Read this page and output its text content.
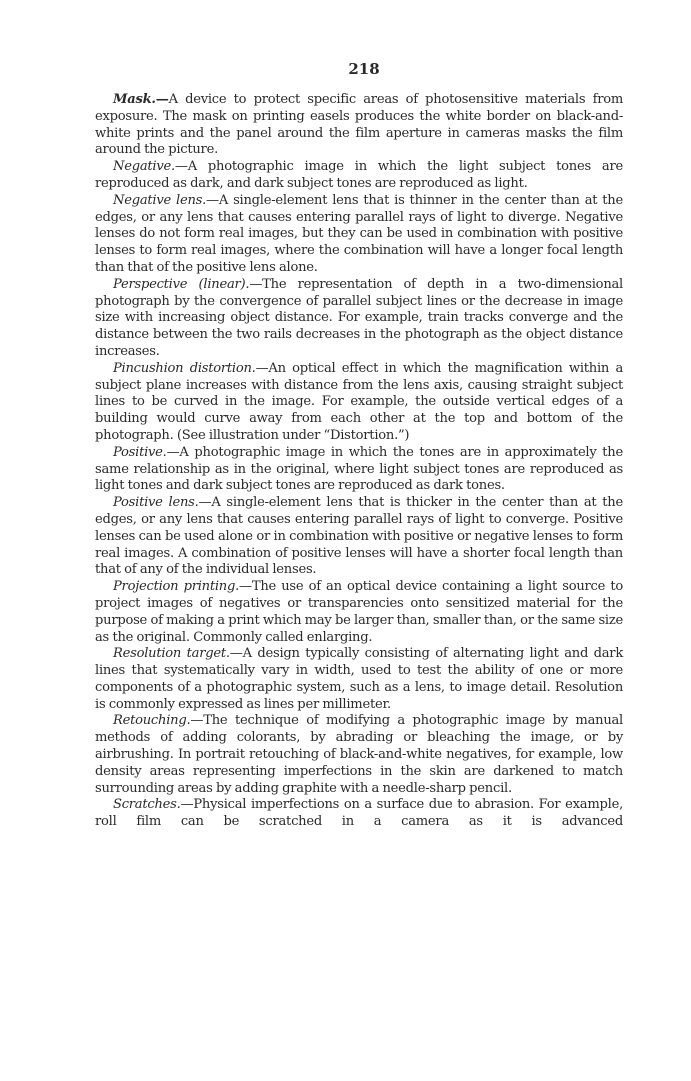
218

Mask.—A device to protect specific areas of photosensitive materials from exposure. The mask on printing easels produces the white border on black-and-white prints and the panel around the film aperture in cameras masks the film around the picture.

Negative.—A photographic image in which the light subject tones are reproduced as dark, and dark subject tones are reproduced as light.

Negative lens.—A single-element lens that is thinner in the center than at the edges, or any lens that causes entering parallel rays of light to diverge. Negative lenses do not form real images, but they can be used in combination with positive lenses to form real images, where the combination will have a longer focal length than that of the positive lens alone.

Perspective (linear).—The representation of depth in a two-dimensional photograph by the convergence of parallel subject lines or the decrease in image size with increasing object distance. For example, train tracks converge and the distance between the two rails decreases in the photograph as the object distance increases.

Pincushion distortion.—An optical effect in which the magnification within a subject plane increases with distance from the lens axis, causing straight subject lines to be curved in the image. For example, the outside vertical edges of a building would curve away from each other at the top and bottom of the photograph. (See illustration under “Distortion.”)

Positive.—A photographic image in which the tones are in approximately the same relationship as in the original, where light subject tones are reproduced as light tones and dark subject tones are reproduced as dark tones.

Positive lens.—A single-element lens that is thicker in the center than at the edges, or any lens that causes entering parallel rays of light to converge. Positive lenses can be used alone or in combination with positive or negative lenses to form real images. A combination of positive lenses will have a shorter focal length than that of any of the individual lenses.

Projection printing.—The use of an optical device containing a light source to project images of negatives or transparencies onto sensitized material for the purpose of making a print which may be larger than, smaller than, or the same size as the original. Commonly called enlarging.

Resolution target.—A design typically consisting of alternating light and dark lines that systematically vary in width, used to test the ability of one or more components of a photographic system, such as a lens, to image detail. Resolution is commonly expressed as lines per millimeter.

Retouching.—The technique of modifying a photographic image by manual methods of adding colorants, by abrading or bleaching the image, or by airbrushing. In portrait retouching of black-and-white negatives, for example, low density areas representing imperfections in the skin are darkened to match surrounding areas by adding graphite with a needle-sharp pencil.

Scratches.—Physical imperfections on a surface due to abrasion. For example, roll film can be scratched in a camera as it is advanced
